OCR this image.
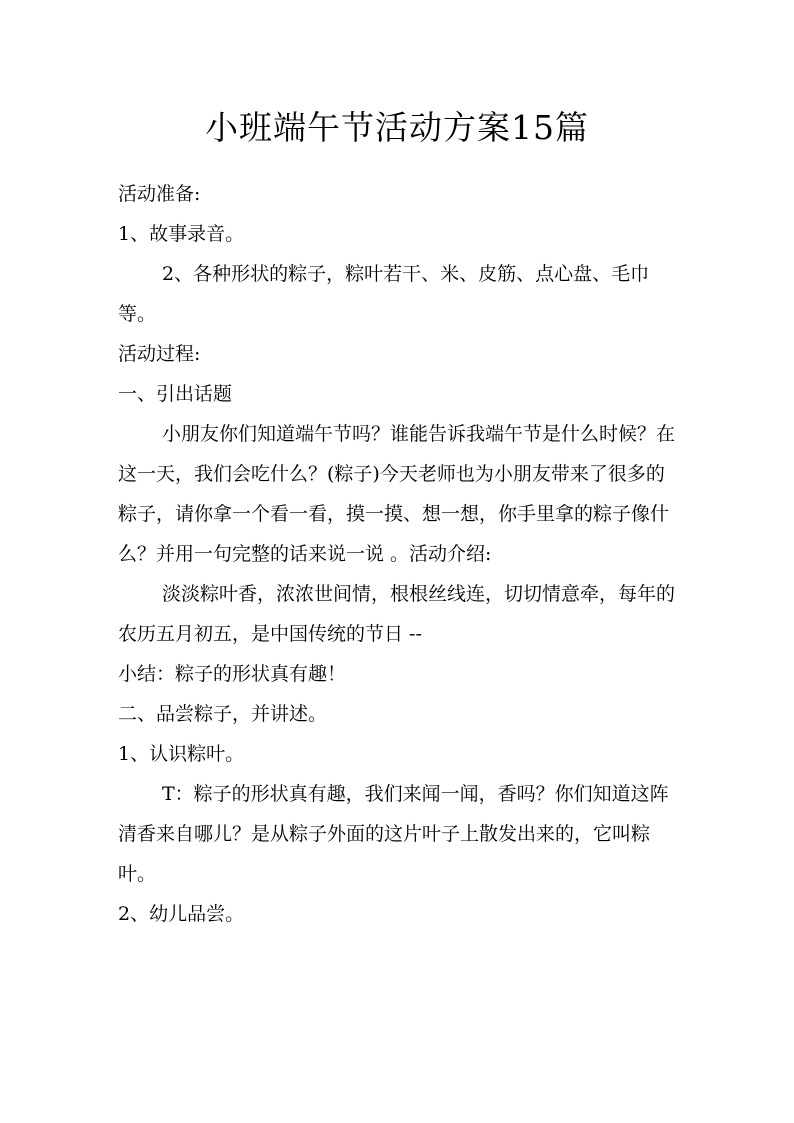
小班端午节活动方案15篇

活动准备:

1、故事录音。

2、各种形状的粽子，粽叶若干、米、皮筋、点心盘、毛巾等。

活动过程:

一、引出话题

小朋友你们知道端午节吗？谁能告诉我端午节是什么时候？在这一天，我们会吃什么？(粽子)今天老师也为小朋友带来了很多的粽子，请你拿一个看一看，摸一摸、想一想，你手里拿的粽子像什么？并用一句完整的话来说一说 。活动介绍:

淡淡粽叶香，浓浓世间情，根根丝线连，切切情意牵，每年的农历五月初五，是中国传统的节日 --

小结：粽子的形状真有趣！

二、品尝粽子，并讲述。

1、认识粽叶。

T：粽子的形状真有趣，我们来闻一闻，香吗？你们知道这阵清香来自哪儿？是从粽子外面的这片叶子上散发出来的，它叫粽叶。

2、幼儿品尝。
